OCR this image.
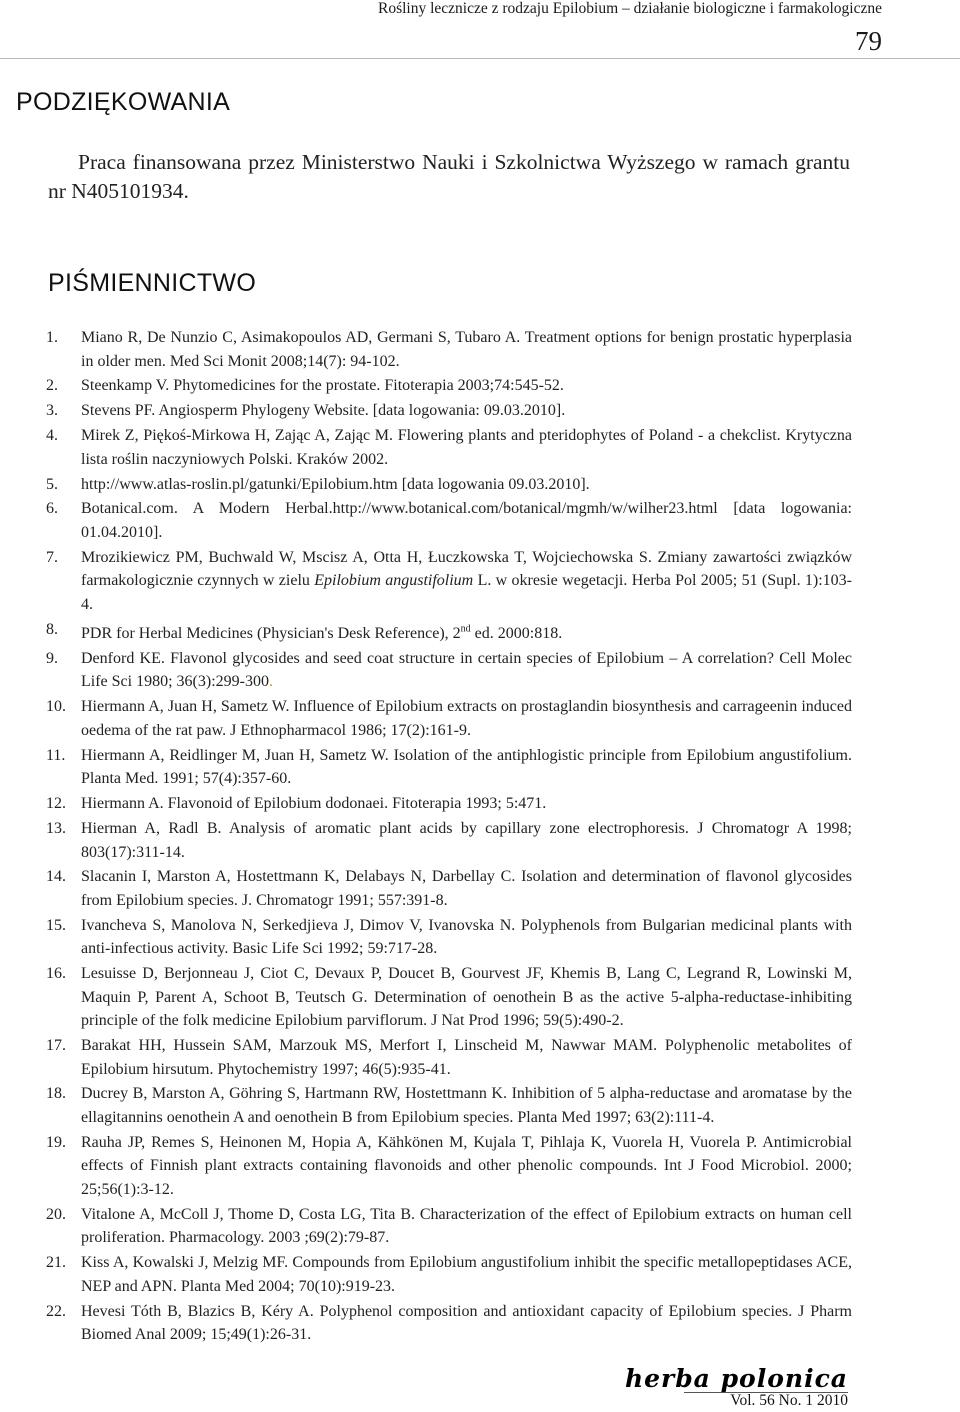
Rośliny lecznicze z rodzaju Epilobium – działanie biologiczne i farmakologiczne
79
PODZIĘKOWANIA
Praca finansowana przez Ministerstwo Nauki i Szkolnictwa Wyższego w ramach grantu nr N405101934.
PIŚMIENNICTWO
1. Miano R, De Nunzio C, Asimakopoulos AD, Germani S, Tubaro A. Treatment options for benign prostatic hyperplasia in older men. Med Sci Monit 2008;14(7): 94-102.
2. Steenkamp V. Phytomedicines for the prostate. Fitoterapia 2003;74:545-52.
3. Stevens PF. Angiosperm Phylogeny Website. [data logowania: 09.03.2010].
4. Mirek Z, Piękoś-Mirkowa H, Zając A, Zając M. Flowering plants and pteridophytes of Poland - a chekclist. Krytyczna lista roślin naczyniowych Polski. Kraków 2002.
5. http://www.atlas-roslin.pl/gatunki/Epilobium.htm [data logowania 09.03.2010].
6. Botanical.com. A Modern Herbal.http://www.botanical.com/botanical/mgmh/w/wilher23.html [data logowania: 01.04.2010].
7. Mrozikiewicz PM, Buchwald W, Mscisz A, Otta H, Łuczkowska T, Wojciechowska S. Zmiany zawartości związków farmakologicznie czynnych w zielu Epilobium angustifolium L. w okresie wegetacji. Herba Pol 2005; 51 (Supl. 1):103-4.
8. PDR for Herbal Medicines (Physician's Desk Reference), 2nd ed. 2000:818.
9. Denford KE. Flavonol glycosides and seed coat structure in certain species of Epilobium – A correlation? Cell Molec Life Sci 1980; 36(3):299-300.
10. Hiermann A, Juan H, Sametz W. Influence of Epilobium extracts on prostaglandin biosynthesis and carrageenin induced oedema of the rat paw. J Ethnopharmacol 1986; 17(2):161-9.
11. Hiermann A, Reidlinger M, Juan H, Sametz W. Isolation of the antiphlogistic principle from Epilobium angustifolium. Planta Med. 1991; 57(4):357-60.
12. Hiermann A. Flavonoid of Epilobium dodonaei. Fitoterapia 1993; 5:471.
13. Hierman A, Radl B. Analysis of aromatic plant acids by capillary zone electrophoresis. J Chromatogr A 1998; 803(17):311-14.
14. Slacanin I, Marston A, Hostettmann K, Delabays N, Darbellay C. Isolation and determination of flavonol glycosides from Epilobium species. J. Chromatogr 1991; 557:391-8.
15. Ivancheva S, Manolova N, Serkedjieva J, Dimov V, Ivanovska N. Polyphenols from Bulgarian medicinal plants with anti-infectious activity. Basic Life Sci 1992; 59:717-28.
16. Lesuisse D, Berjonneau J, Ciot C, Devaux P, Doucet B, Gourvest JF, Khemis B, Lang C, Legrand R, Lowinski M, Maquin P, Parent A, Schoot B, Teutsch G. Determination of oenothein B as the active 5-alpha-reductase-inhibiting principle of the folk medicine Epilobium parviflorum. J Nat Prod 1996; 59(5):490-2.
17. Barakat HH, Hussein SAM, Marzouk MS, Merfort I, Linscheid M, Nawwar MAM. Polyphenolic metabolites of Epilobium hirsutum. Phytochemistry 1997; 46(5):935-41.
18. Ducrey B, Marston A, Göhring S, Hartmann RW, Hostettmann K. Inhibition of 5 alpha-reductase and aromatase by the ellagitannins oenothein A and oenothein B from Epilobium species. Planta Med 1997; 63(2):111-4.
19. Rauha JP, Remes S, Heinonen M, Hopia A, Kähkönen M, Kujala T, Pihlaja K, Vuorela H, Vuorela P. Antimicrobial effects of Finnish plant extracts containing flavonoids and other phenolic compounds. Int J Food Microbiol. 2000; 25;56(1):3-12.
20. Vitalone A, McColl J, Thome D, Costa LG, Tita B. Characterization of the effect of Epilobium extracts on human cell proliferation. Pharmacology. 2003 ;69(2):79-87.
21. Kiss A, Kowalski J, Melzig MF. Compounds from Epilobium angustifolium inhibit the specific metallopeptidases ACE, NEP and APN. Planta Med 2004; 70(10):919-23.
22. Hevesi Tóth B, Blazics B, Kéry A. Polyphenol composition and antioxidant capacity of Epilobium species. J Pharm Biomed Anal 2009; 15;49(1):26-31.
herba polonica
Vol. 56 No. 1 2010
